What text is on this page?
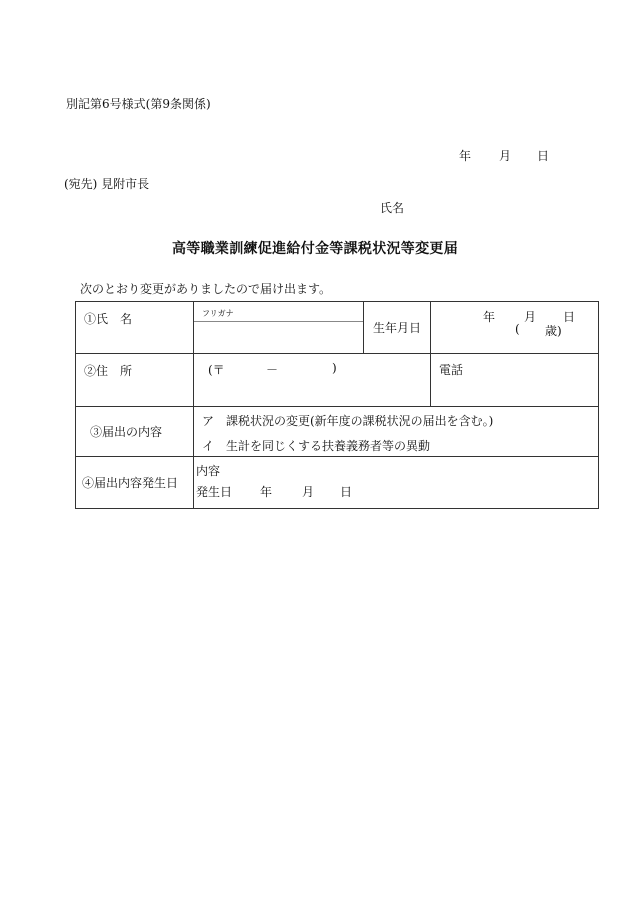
別記第6号様式(第9条関係)
年 月 日
(宛先) 見附市長
氏名
高等職業訓練促進給付金等課税状況等変更届
次のとおり変更がありましたので届け出ます。
①氏　名	フリガナ	生年月日	年 月 日
( 歳)

②住　所	(〒 － )		電話
③届出の内容	ア　課税状況の変更(新年度の課税状況の届出を含む。)
イ　生計を同じくする扶養義務者等の異動		

④届出内容発生日	内容
発生日 年 月 日		
